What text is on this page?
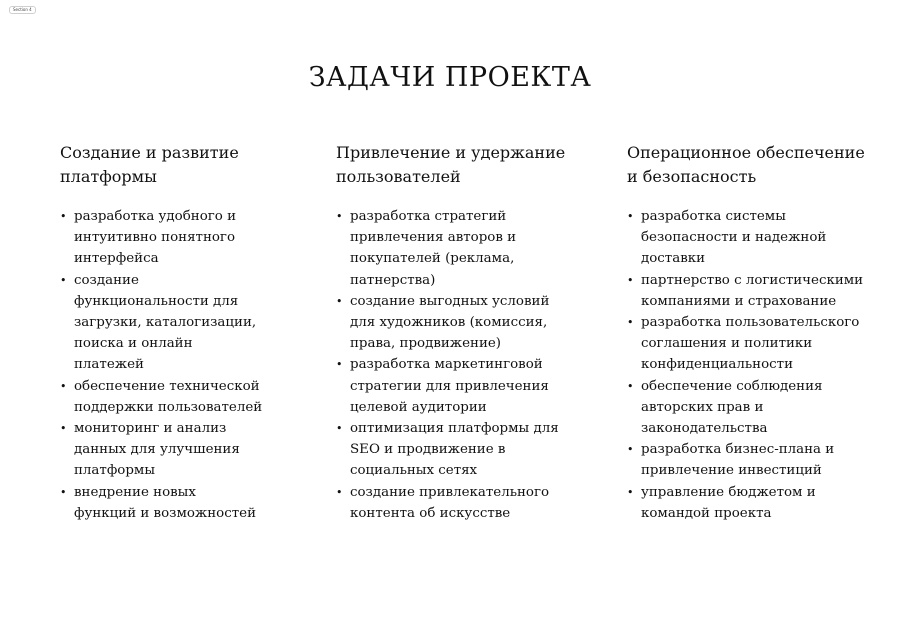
Section 4
ЗАДАЧИ ПРОЕКТА
Создание и развитие
платформы
• разработка удобного и
интуитивно понятного
интерфейса
• создание
функциональности для
загрузки, каталогизации,
поиска и онлайн
платежей
• обеспечение технической
поддержки пользователей
• мониторинг и анализ
данных для улучшения
платформы
• внедрение новых
функций и возможностей
Привлечение и удержание
пользователей
• разработка стратегий
привлечения авторов и
покупателей (реклама,
патнерства)
• создание выгодных условий
для художников (комиссия,
права, продвижение)
• разработка маркетинговой
стратегии для привлечения
целевой аудитории
• оптимизация платформы для
SEO и продвижение в
социальных сетях
• создание привлекательного
контента об искусстве
Операционное обеспечение
и безопасность
• разработка системы
безопасности и надежной
доставки
• партнерство с логистическими
компаниями и страхование
• разработка пользовательского
соглашения и политики
конфиденциальности
• обеспечение соблюдения
авторских прав и
законодательства
• разработка бизнес-плана и
привлечение инвестиций
• управление бюджетом и
командой проекта
